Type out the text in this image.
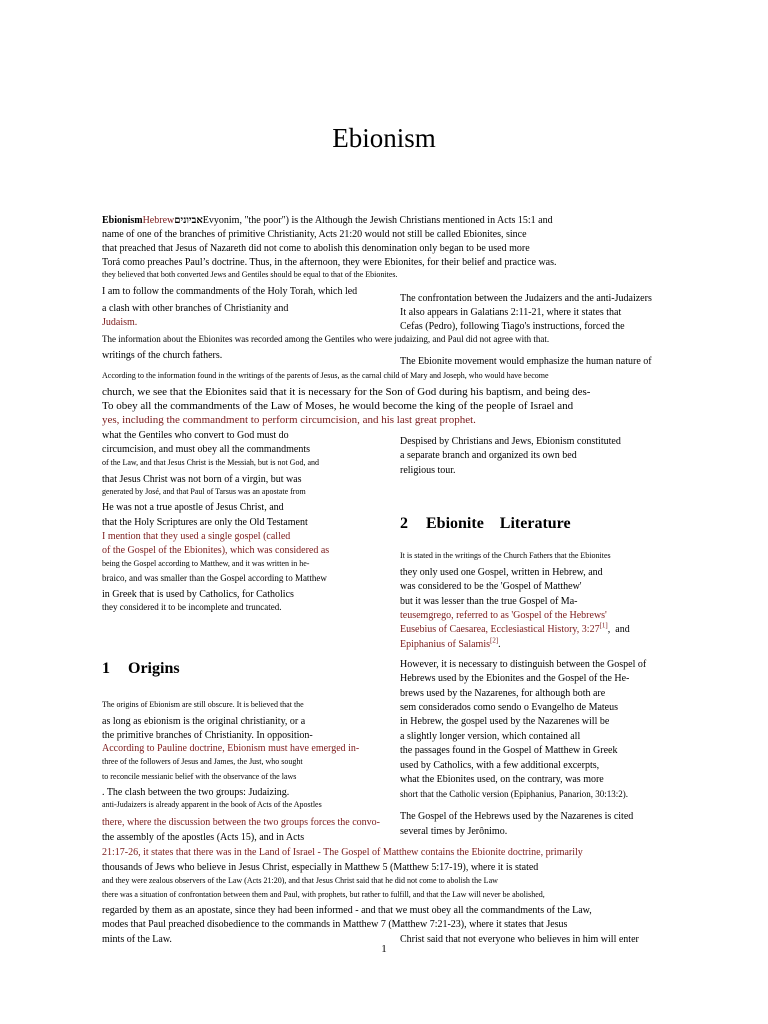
Ebionism
EbionismHebrewאביוניםEvyonim, "the poor") is the Although the Jewish Christians mentioned in Acts 15:1 and
name of one of the branches of primitive Christianity, Acts 21:20 would not still be called Ebionites, since
that preached that Jesus of Nazareth did not come to abolish this denomination only began to be used more
Torá como preaches Paul’s doctrine. Thus, in the afternoon, they were Ebionites, for their belief and practice was.
they believed that both converted Jews and Gentiles should be equal to that of the Ebionites.
I am to follow the commandments of the Holy Torah, which led
The confrontation between the Judaizers and the anti-Judaizers
a clash with other branches of Christianity and	It also appears in Galatians 2:11-21, where it states that
Judaism.	Cefas (Pedro), following Tiago's instructions, forced the
The information about the Ebionites was recorded among the Gentiles who were judaizing, and Paul did not agree with that.
writings of the church fathers.
The Ebionite movement would emphasize the human nature of
According to the information found in the writings of the parents of Jesus, as the carnal child of Mary and Joseph, who would have become
church, we see that the Ebionites said that it is necessary for the Son of God during his baptism, and being des-
To obey all the commandments of the Law of Moses, he would become the king of the people of Israel and
yes, including the commandment to perform circumcision, and his last great prophet.
what the Gentiles who convert to God must do
Despised by Christians and Jews, Ebionism constituted
circumcision, and must obey all the commandments
a separate branch and organized its own bed
of the Law, and that Jesus Christ is the Messiah, but is not God, and
religious tour.
that Jesus Christ was not born of a virgin, but was
generated by José, and that Paul of Tarsus was an apostate from
He was not a true apostle of Jesus Christ, and
2 Ebionite    Literature
that the Holy Scriptures are only the Old Testament
I mention that they used a single gospel (called
of the Gospel of the Ebionites), which was considered as	It is stated in the writings of the Church Fathers that the Ebionites
being the Gospel according to Matthew, and it was written in he-
they only used one Gospel, written in Hebrew, and
braico, and was smaller than the Gospel according to Matthew
was considered to be the 'Gospel of Matthew'
in Greek that is used by Catholics, for Catholics
but it was lesser than the true Gospel of Ma-
they considered it to be incomplete and truncated.
teusemgrego, referred to as 'Gospel of the Hebrews'
Eusebius of Caesarea, Ecclesiastical History, 3:27[1],  and
Epiphanius of Salamis[2].
1 Origins	However, it is necessary to distinguish between the Gospel of
Hebrews used by the Ebionites and the Gospel of the He-
The origins of Ebionism are still obscure. It is believed that the
brews used by the Nazarenes, for although both are
as long as ebionism is the original christianity, or a
sem considerados como sendo o Evangelho de Mateus
the primitive branches of Christianity. In opposition-
in Hebrew, the gospel used by the Nazarenes will be
According to Pauline doctrine, Ebionism must have emerged in-
a slightly longer version, which contained all
three of the followers of Jesus and James, the Just, who sought
the passages found in the Gospel of Matthew in Greek
to reconcile messianic belief with the observance of the laws
used by Catholics, with a few additional excerpts,
. The clash between the two groups: Judaizing.
what the Ebionites used, on the contrary, was more
anti-Judaizers is already apparent in the book of Acts of the Apostles
short that the Catholic version (Epiphanius, Panarion, 30:13:2).
there, where the discussion between the two groups forces the convo-
The Gospel of the Hebrews used by the Nazarenes is cited
the assembly of the apostles (Acts 15), and in Acts
several times by Jerônimo.
21:17-26, it states that there was in the Land of Israel - The Gospel of Matthew contains the Ebionite doctrine, primarily
thousands of Jews who believe in Jesus Christ, especially in Matthew 5 (Matthew 5:17-19), where it is stated
and they were zealous observers of the Law (Acts 21:20), and that Jesus Christ said that he did not come to abolish the Law
there was a situation of confrontation between them and Paul, with prophets, but rather to fulfill, and that the Law will never be abolished,
regarded by them as an apostate, since they had been informed - and that we must obey all the commandments of the Law,
modes that Paul preached disobedience to the commands in Matthew 7 (Matthew 7:21-23), where it states that Jesus
mints of the Law.	Christ said that not everyone who believes in him will enter
1
